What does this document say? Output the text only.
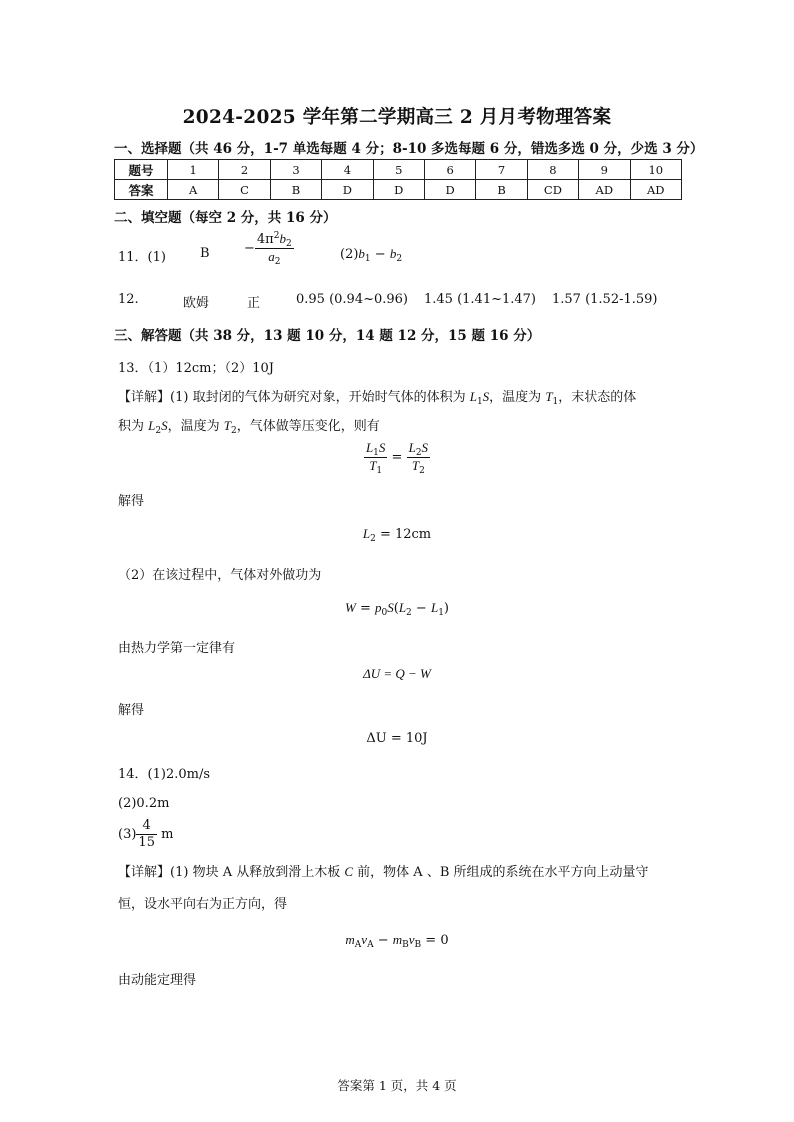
2024-2025 学年第二学期高三 2 月月考物理答案
一、选择题（共 46 分，1-7 单选每题 4 分；8-10 多选每题 6 分，错选多选 0 分，少选 3 分）
题号	1	2	3	4	5	6	7	8	9	10
答案	A	C	B	D	D	D	B	CD	AD	AD
二、填空题（每空 2 分，共 16 分）
11．(1)	B	− $\frac{4\pi^2b_2}{a_2}$	$(2)b_1 - b_2$
12.	欧姆	正	0.95 (0.94~0.96) 1.45 (1.41~1.47) 1.57 (1.52-1.59)
三、解答题（共 38 分，13 题 10 分，14 题 12 分，15 题 16 分）
13．（1）12cm；（2）10J
【详解】(1) 取封闭的气体为研究对象，开始时气体的体积为 $L_1S$，温度为 $T_1$，末状态的体
积为 $L_2S$，温度为 $T_2$，气体做等压变化，则有
$\frac{L_1S}{T_1} = \frac{L_2S}{T_2}$
解得
$L_2 = 12cm$
（2）在该过程中，气体对外做功为
$W = p_0S(L_2 - L_1)$
由热力学第一定律有
ΔU = Q − W
解得
ΔU = 10J
14．(1)2.0m/s
(2)0.2m
$(3) \frac{4}{15}$ m
【详解】(1) 物块 A 从释放到滑上木板 C 前，物体 A 、B 所组成的系统在水平方向上动量守
恒，设水平向右为正方向，得
$m_Av_A - m_Bv_B = 0$
由动能定理得
答案第 1 页，共 4 页
